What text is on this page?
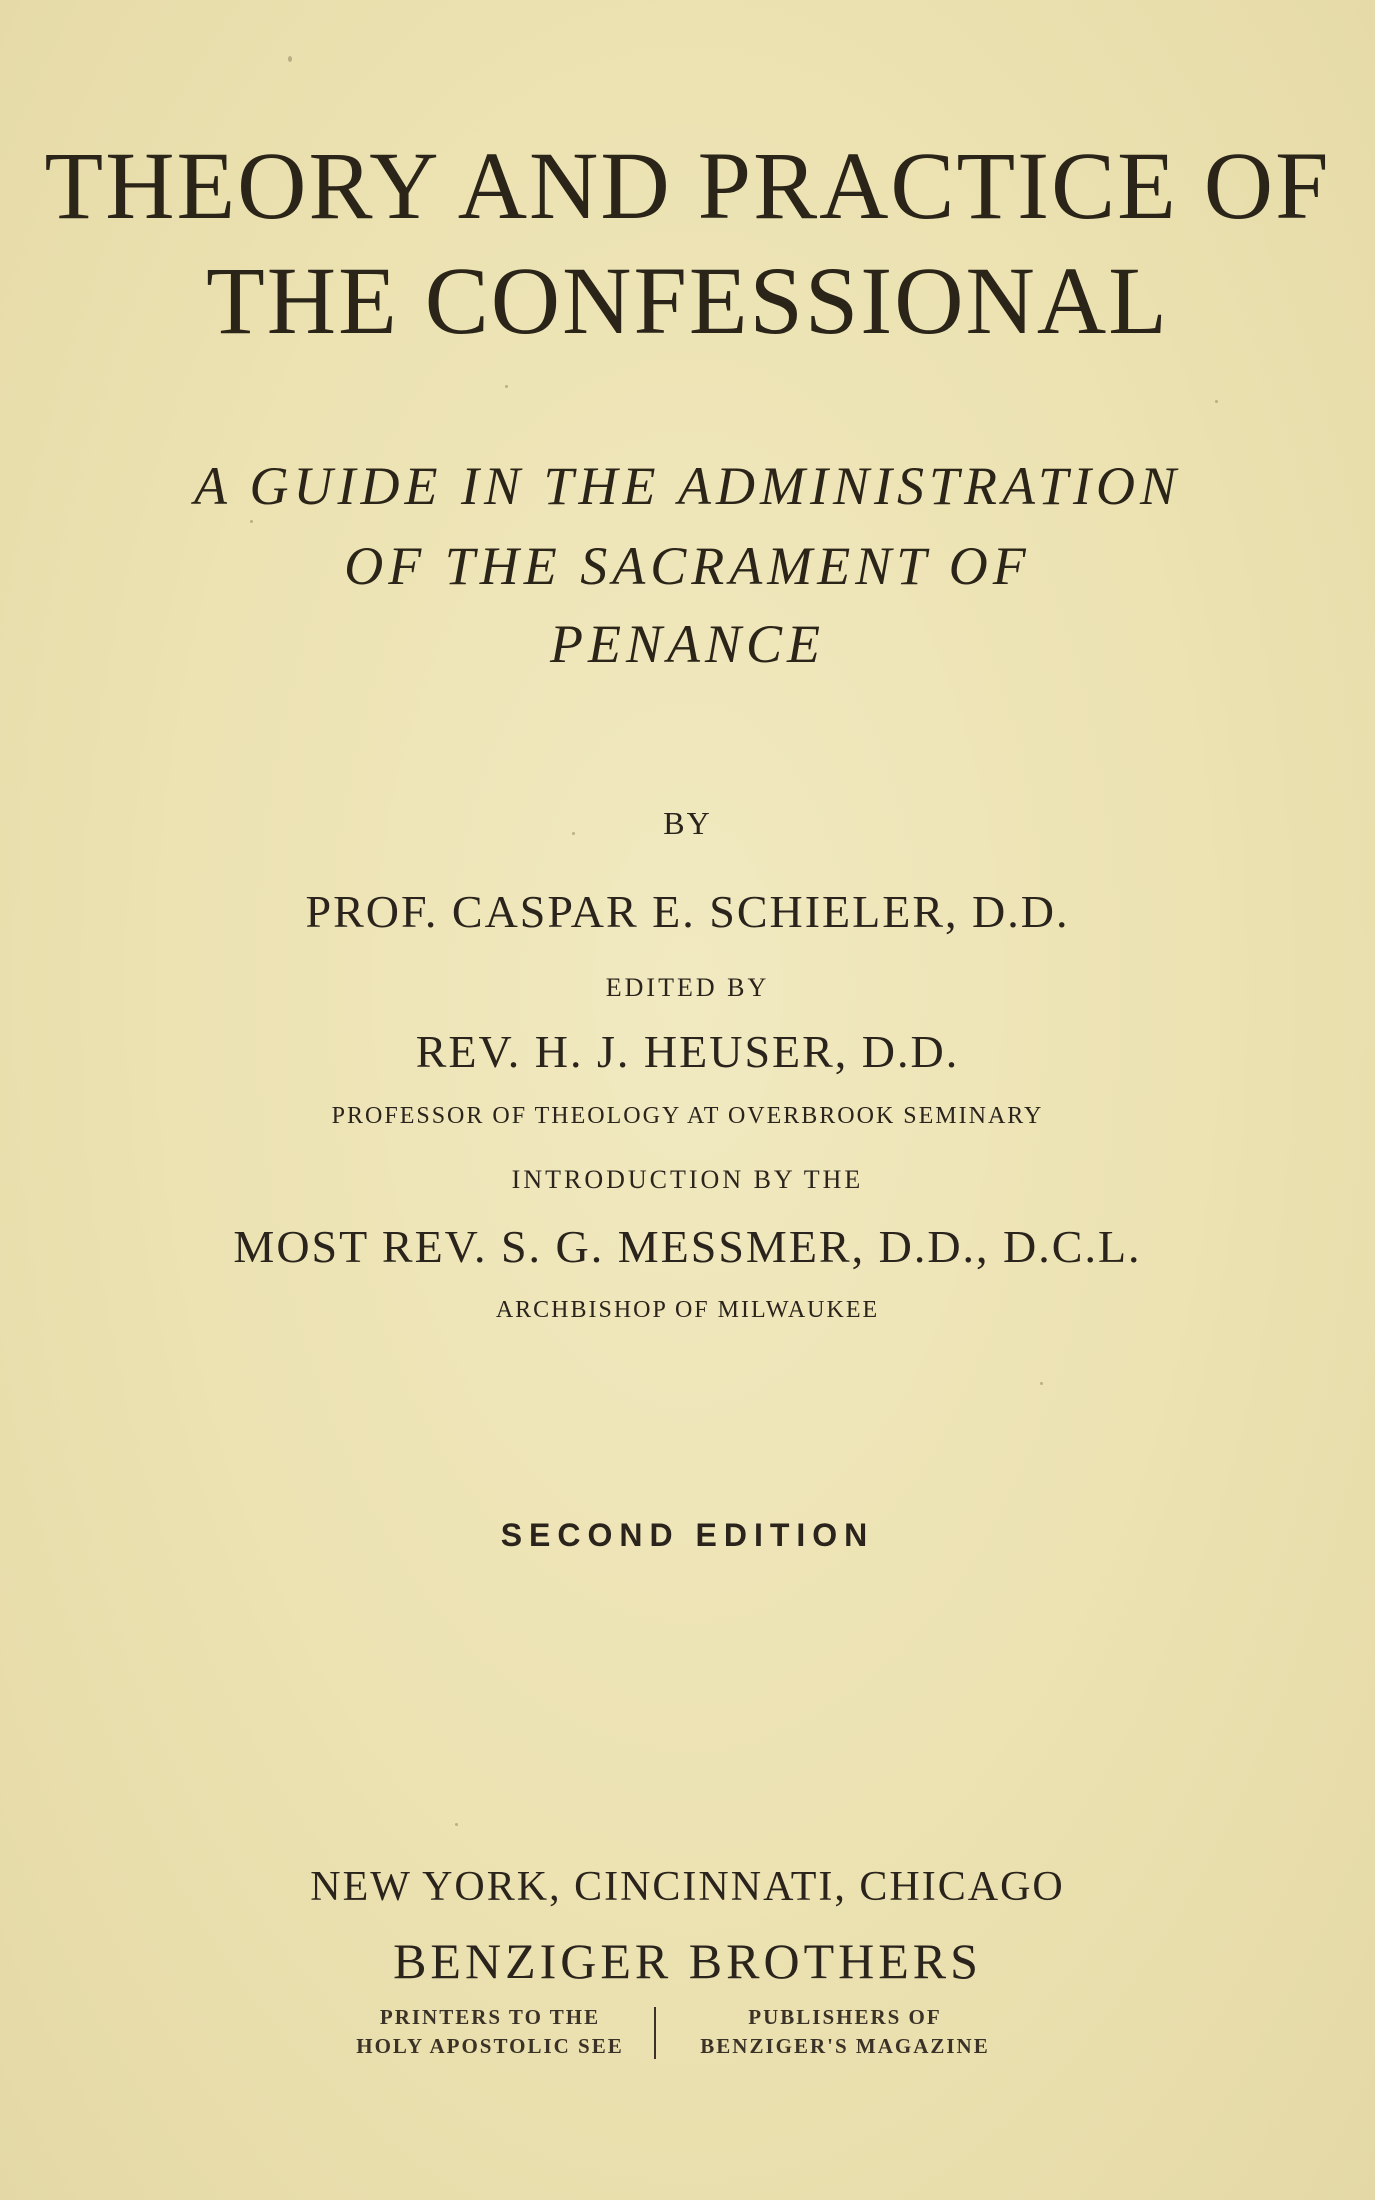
THEORY AND PRACTICE OF
THE CONFESSIONAL
A GUIDE IN THE ADMINISTRATION
OF THE SACRAMENT OF
PENANCE
BY
PROF. CASPAR E. SCHIELER, D.D.
EDITED BY
REV. H. J. HEUSER, D.D.
PROFESSOR OF THEOLOGY AT OVERBROOK SEMINARY
INTRODUCTION BY THE
MOST REV. S. G. MESSMER, D.D., D.C.L.
ARCHBISHOP OF MILWAUKEE
SECOND EDITION
NEW YORK, CINCINNATI, CHICAGO
BENZIGER BROTHERS
PRINTERS TO THE
HOLY APOSTOLIC SEE
PUBLISHERS OF
BENZIGER'S MAGAZINE
